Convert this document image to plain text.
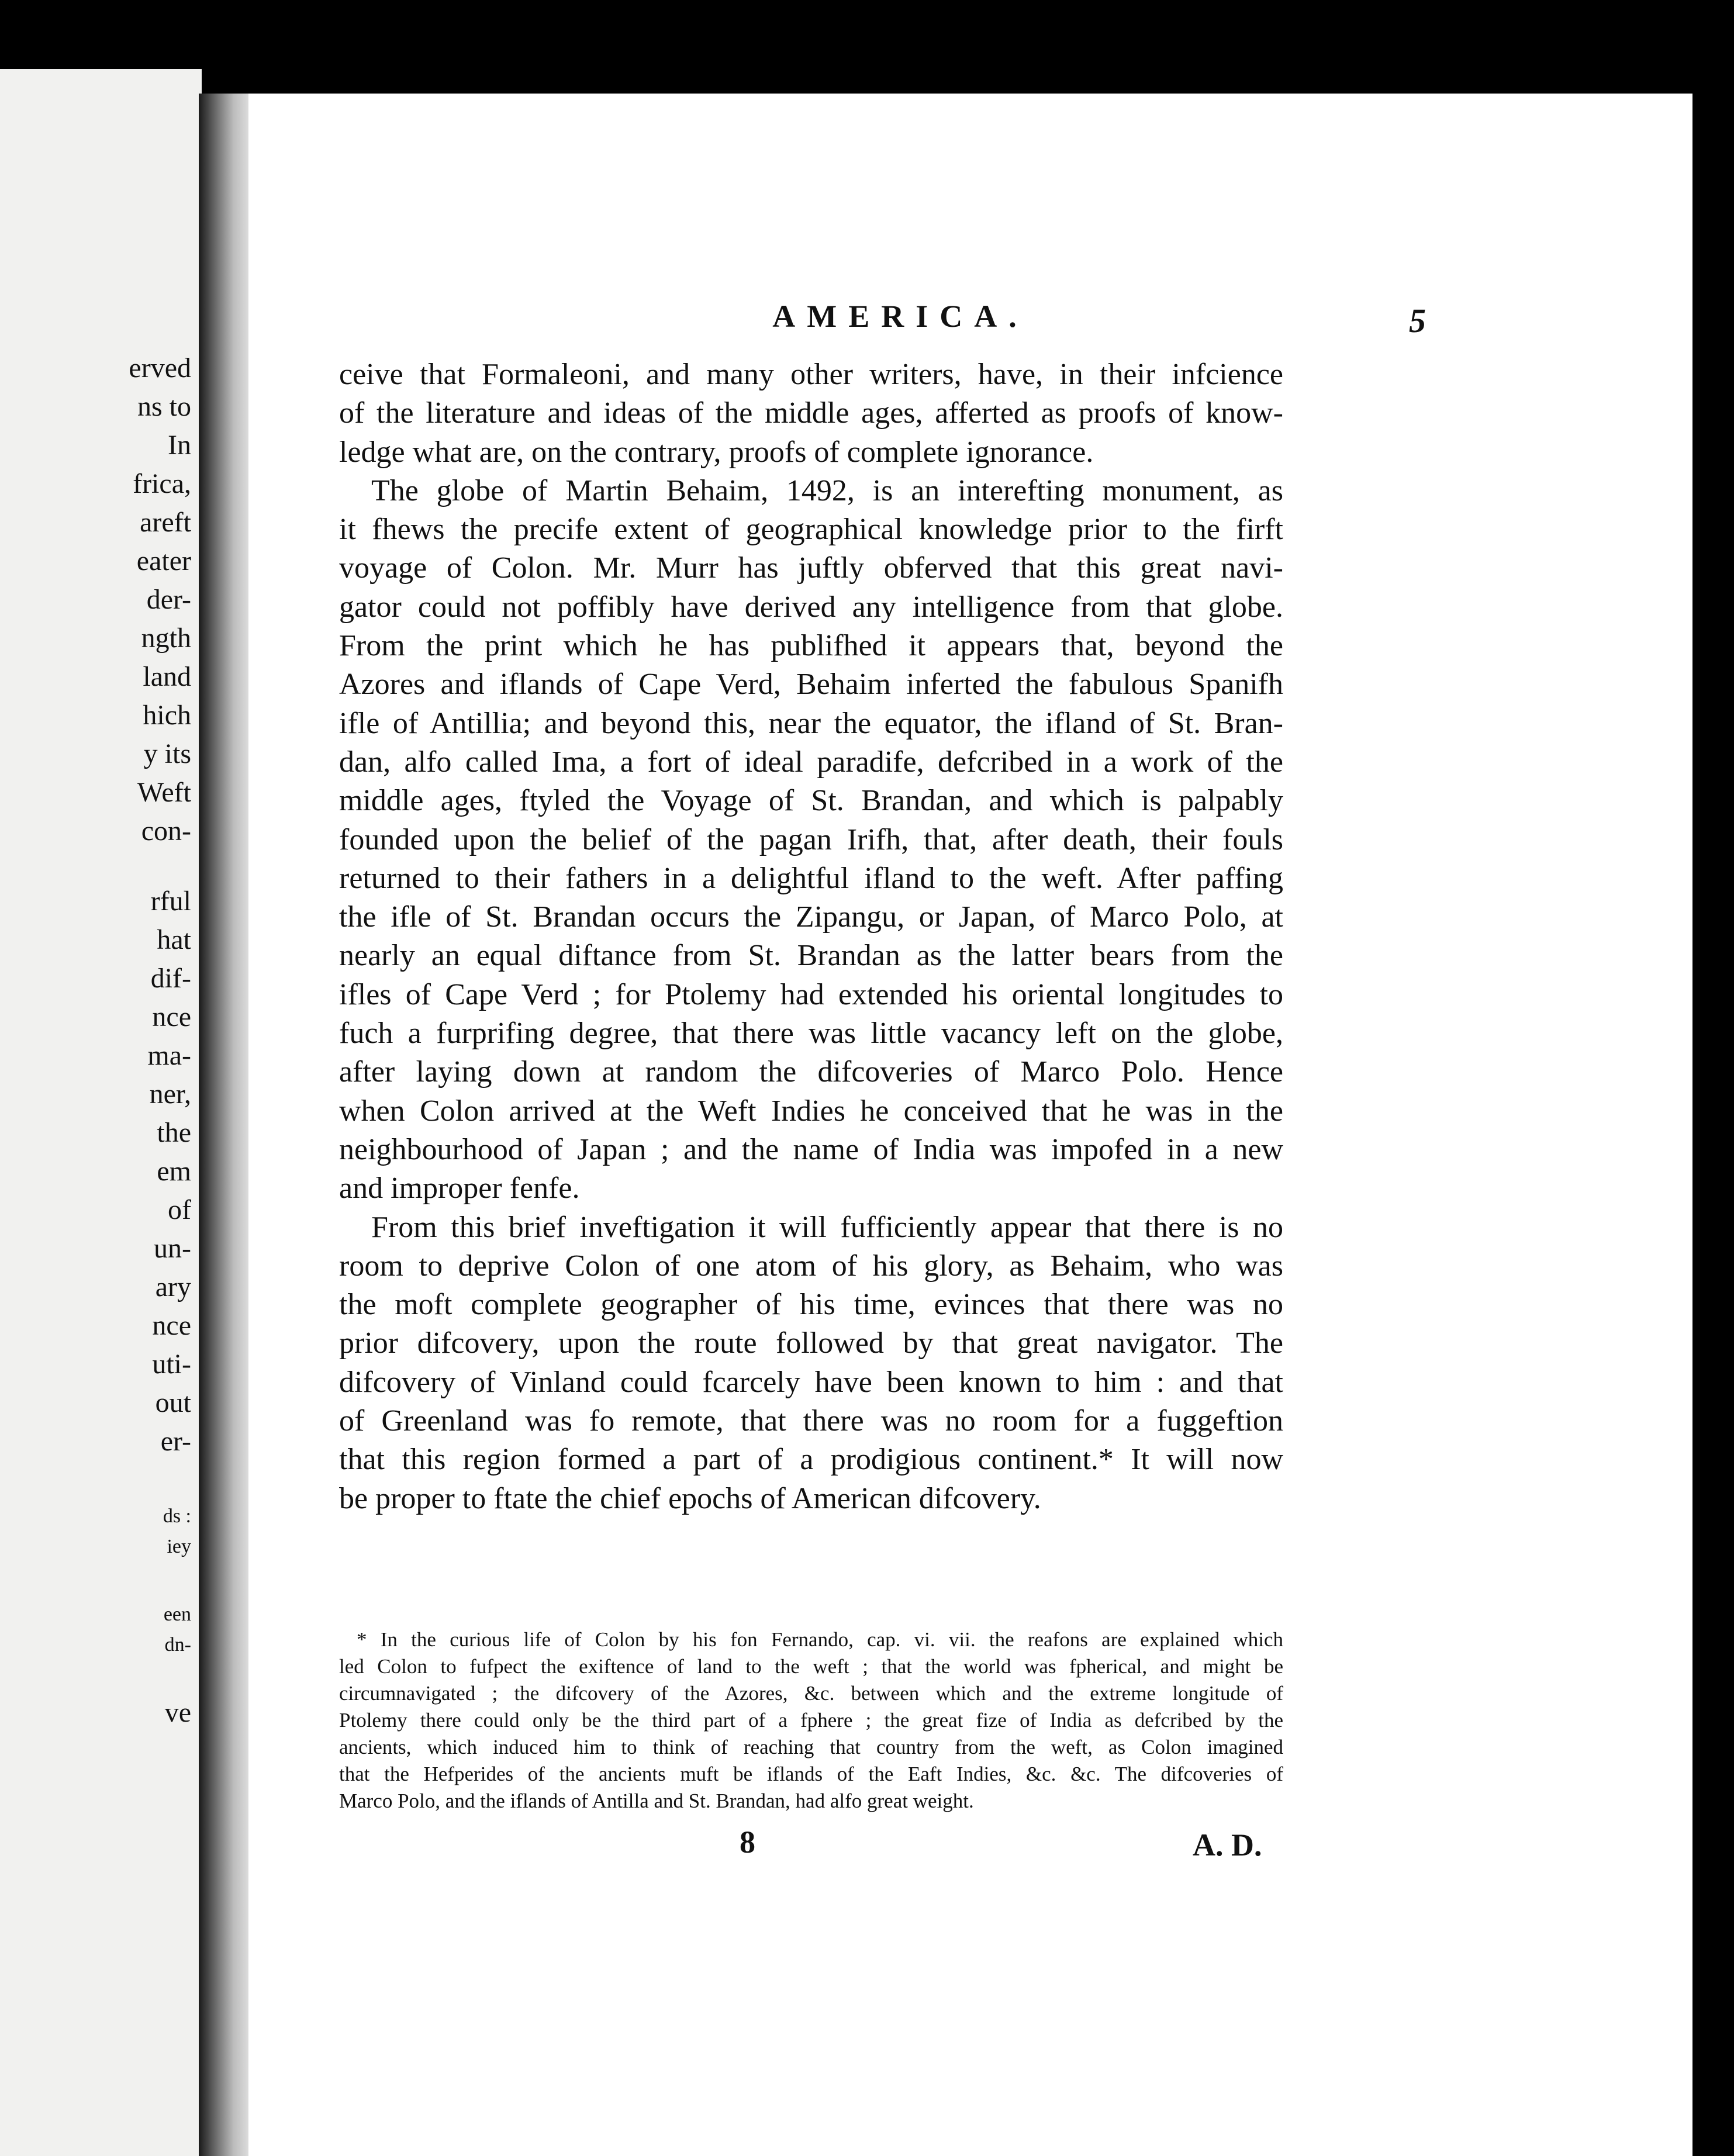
erved
ns to
In
frica,
areft
eater
der-
ngth
land
hich
y its
Weft
con-
rful
hat
dif-
nce
ma-
ner,
the
em
of
un-
ary
nce
uti-
out
er-
ds :
iey
een
dn-
ve
AMERICA.	5

ceive that Formaleoni, and many other writers, have, in their infcience

of the literature and ideas of the middle ages, afferted as proofs of know-

ledge what are, on the contrary, proofs of complete ignorance.

The globe of Martin Behaim, 1492, is an interefting monument, as

it fhews the precife extent of geographical knowledge prior to the firft

voyage of Colon. Mr. Murr has juftly obferved that this great navi-

gator could not poffibly have derived any intelligence from that globe.

From the print which he has publifhed it appears that, beyond the

Azores and iflands of Cape Verd, Behaim inferted the fabulous Spanifh

ifle of Antillia; and beyond this, near the equator, the ifland of St. Bran-

dan, alfo called Ima, a fort of ideal paradife, defcribed in a work of the

middle ages, ftyled the Voyage of St. Brandan, and which is palpably

founded upon the belief of the pagan Irifh, that, after death, their fouls

returned to their fathers in a delightful ifland to the weft. After paffing

the ifle of St. Brandan occurs the Zipangu, or Japan, of Marco Polo, at

nearly an equal diftance from St. Brandan as the latter bears from the

ifles of Cape Verd ; for Ptolemy had extended his oriental longitudes to

fuch a furprifing degree, that there was little vacancy left on the globe,

after laying down at random the difcoveries of Marco Polo. Hence

when Colon arrived at the Weft Indies he conceived that he was in the

neighbourhood of Japan ; and the name of India was impofed in a new

and improper fenfe.

From this brief inveftigation it will fufficiently appear that there is no

room to deprive Colon of one atom of his glory, as Behaim, who was

the moft complete geographer of his time, evinces that there was no

prior difcovery, upon the route followed by that great navigator. The

difcovery of Vinland could fcarcely have been known to him : and that

of Greenland was fo remote, that there was no room for a fuggeftion

that this region formed a part of a prodigious continent.* It will now

be proper to ftate the chief epochs of American difcovery.

* In the curious life of Colon by his fon Fernando, cap. vi. vii. the reafons are explained which

led Colon to fufpect the exiftence of land to the weft ; that the world was fpherical, and might be

circumnavigated ; the difcovery of the Azores, &c. between which and the extreme longitude of

Ptolemy there could only be the third part of a fphere ; the great fize of India as defcribed by the

ancients, which induced him to think of reaching that country from the weft, as Colon imagined

that the Hefperides of the ancients muft be iflands of the Eaft Indies, &c. &c. The difcoveries of

Marco Polo, and the iflands of Antilla and St. Brandan, had alfo great weight.

8	A. D.
